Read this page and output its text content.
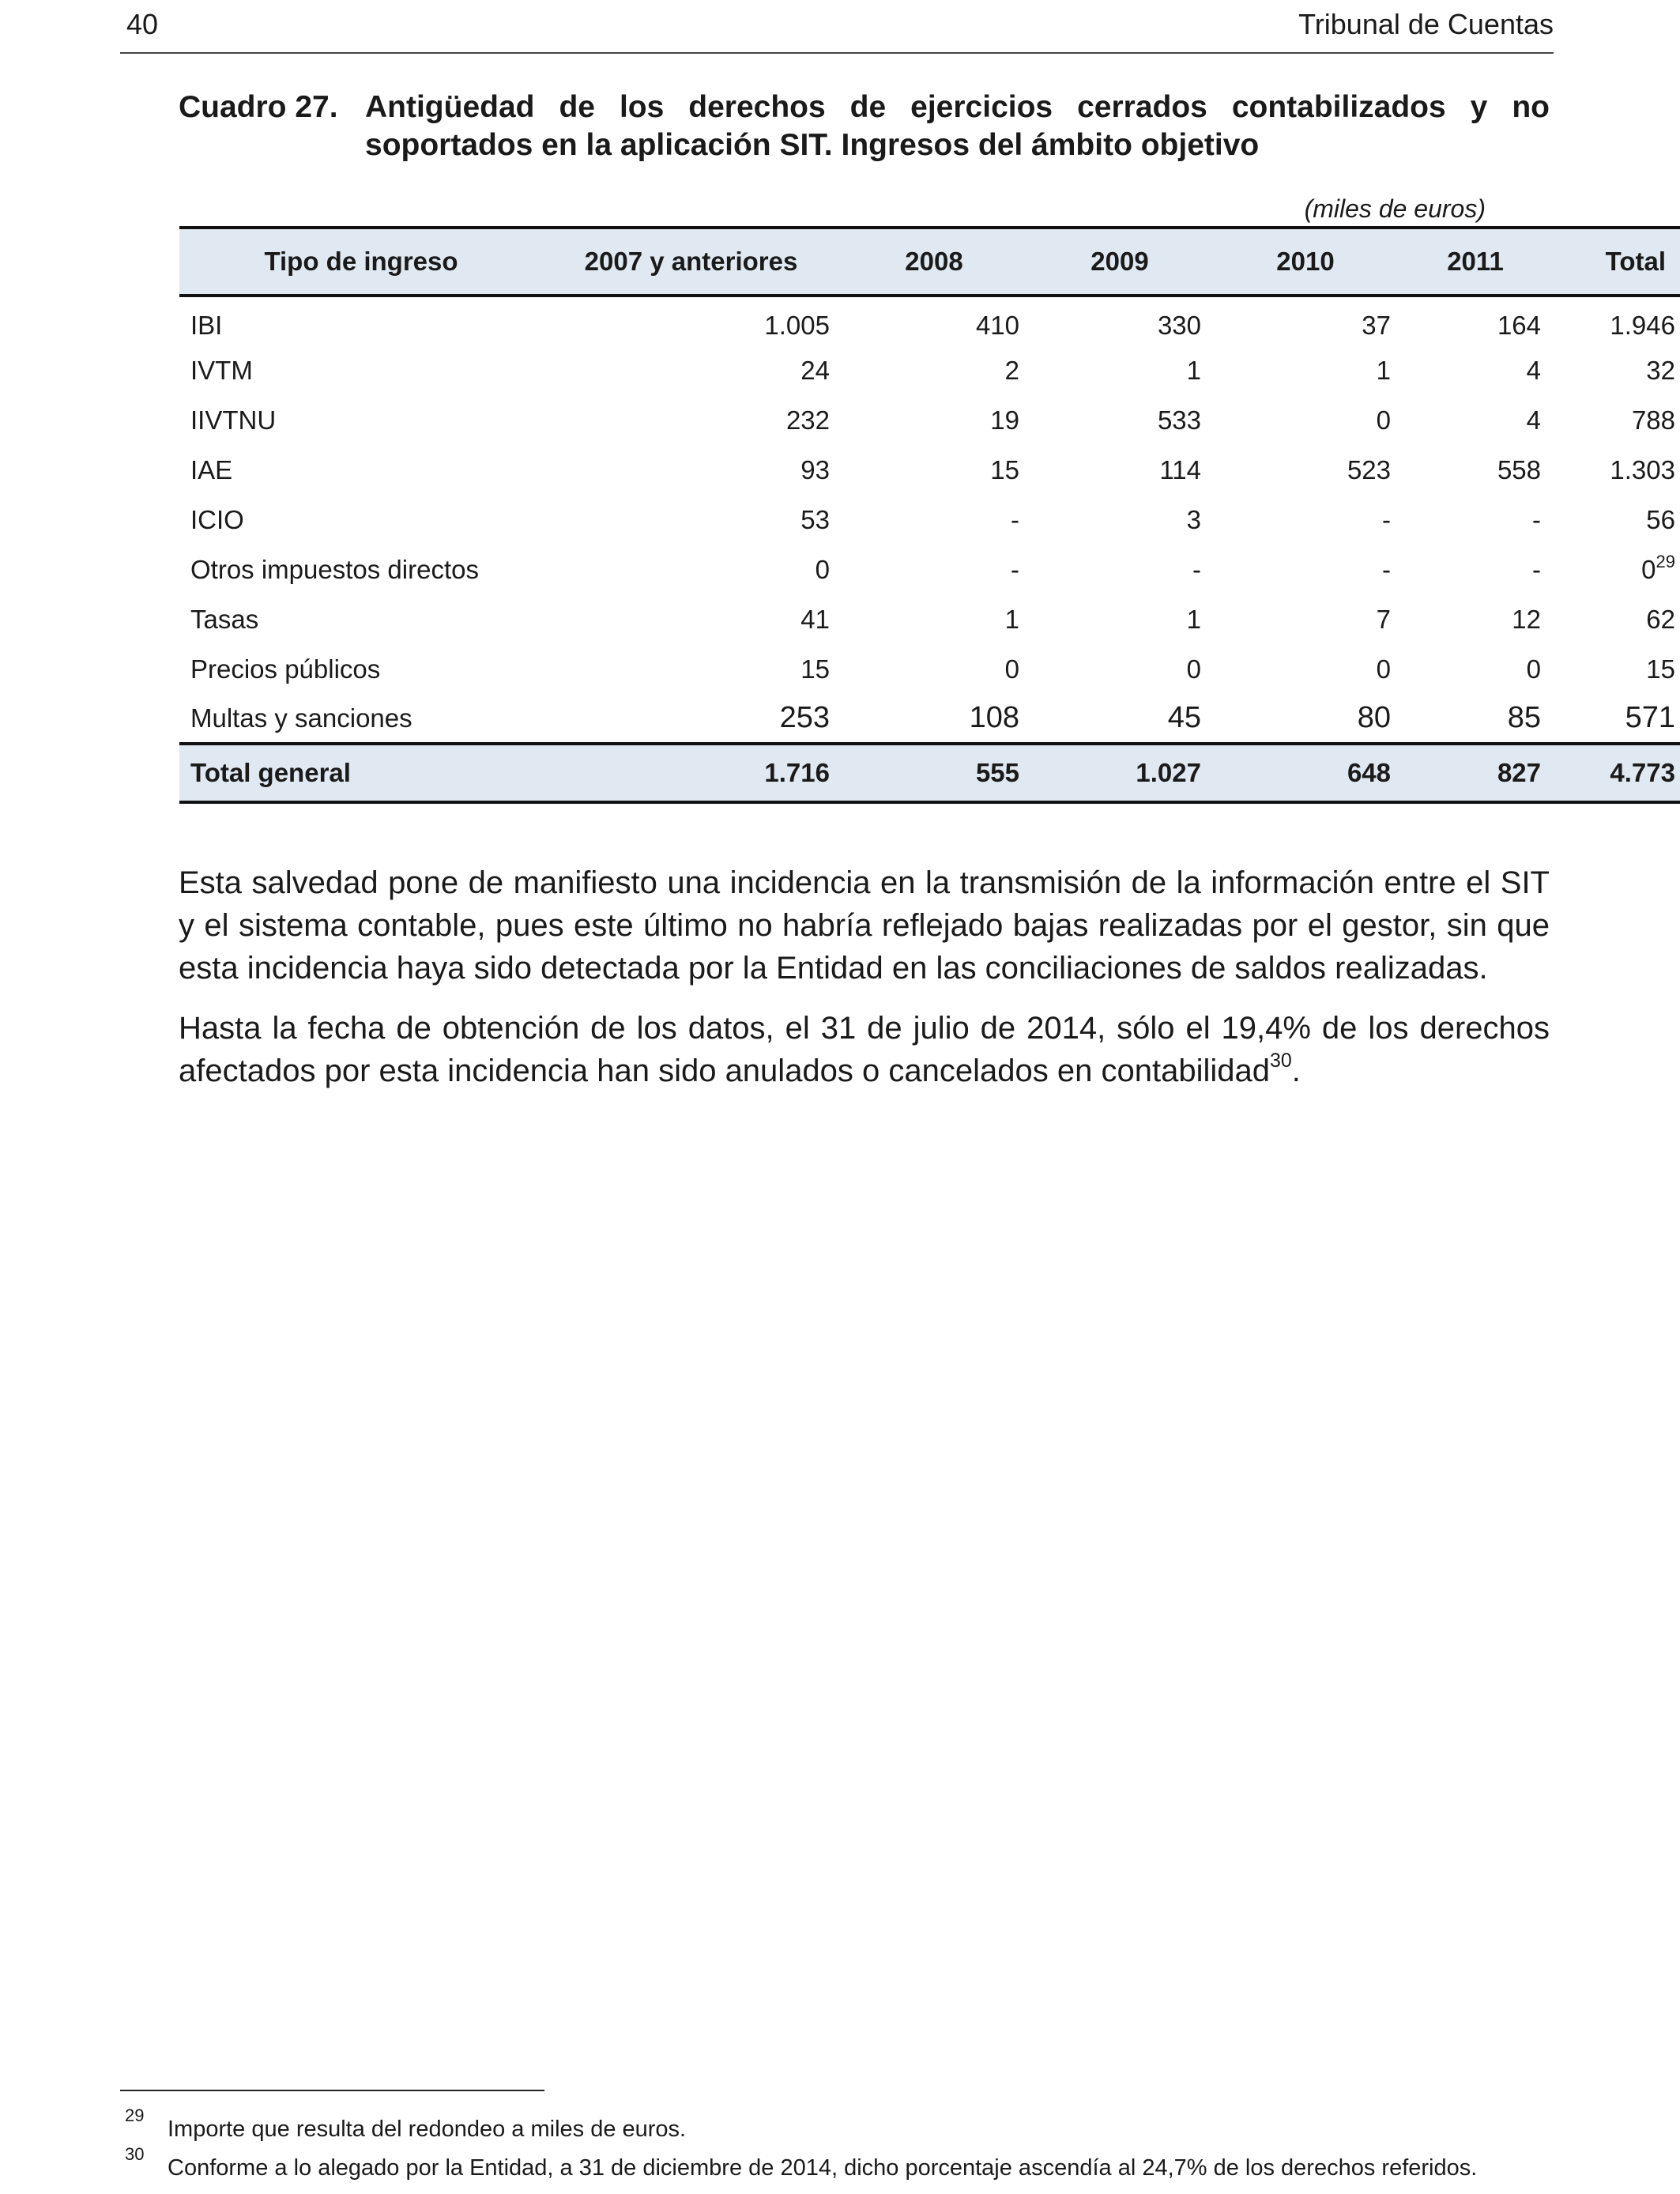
40	Tribunal de Cuentas
Cuadro 27. Antigüedad de los derechos de ejercicios cerrados contabilizados y no soportados en la aplicación SIT. Ingresos del ámbito objetivo
(miles de euros)
Tipo de ingreso	2007 y anteriores	2008	2009	2010	2011	Total
IBI	1.005	410	330	37	164	1.946
IVTM	24	2	1	1	4	32
IIVTNU	232	19	533	0	4	788
IAE	93	15	114	523	558	1.303
ICIO	53	-	3	-	-	56
Otros impuestos directos	0	-	-	-	-	$0^{29}$
Tasas	41	1	1	7	12	62
Precios públicos	15	0	0	0	0	15
Multas y sanciones	253	108	45	80	85	571
Total general	1.716	555	1.027	648	827	4.773

Esta salvedad pone de manifiesto una incidencia en la transmisión de la información entre el SIT y el sistema contable, pues este último no habría reflejado bajas realizadas por el gestor, sin que esta incidencia haya sido detectada por la Entidad en las conciliaciones de saldos realizadas.

Hasta la fecha de obtención de los datos, el 31 de julio de 2014, sólo el 19,4% de los derechos afectados por esta incidencia han sido anulados o cancelados en contabilidad$^{30}$.

29
Importe que resulta del redondeo a miles de euros.
30
Conforme a lo alegado por la Entidad, a 31 de diciembre de 2014, dicho porcentaje ascendía al 24,7% de los derechos referidos.
